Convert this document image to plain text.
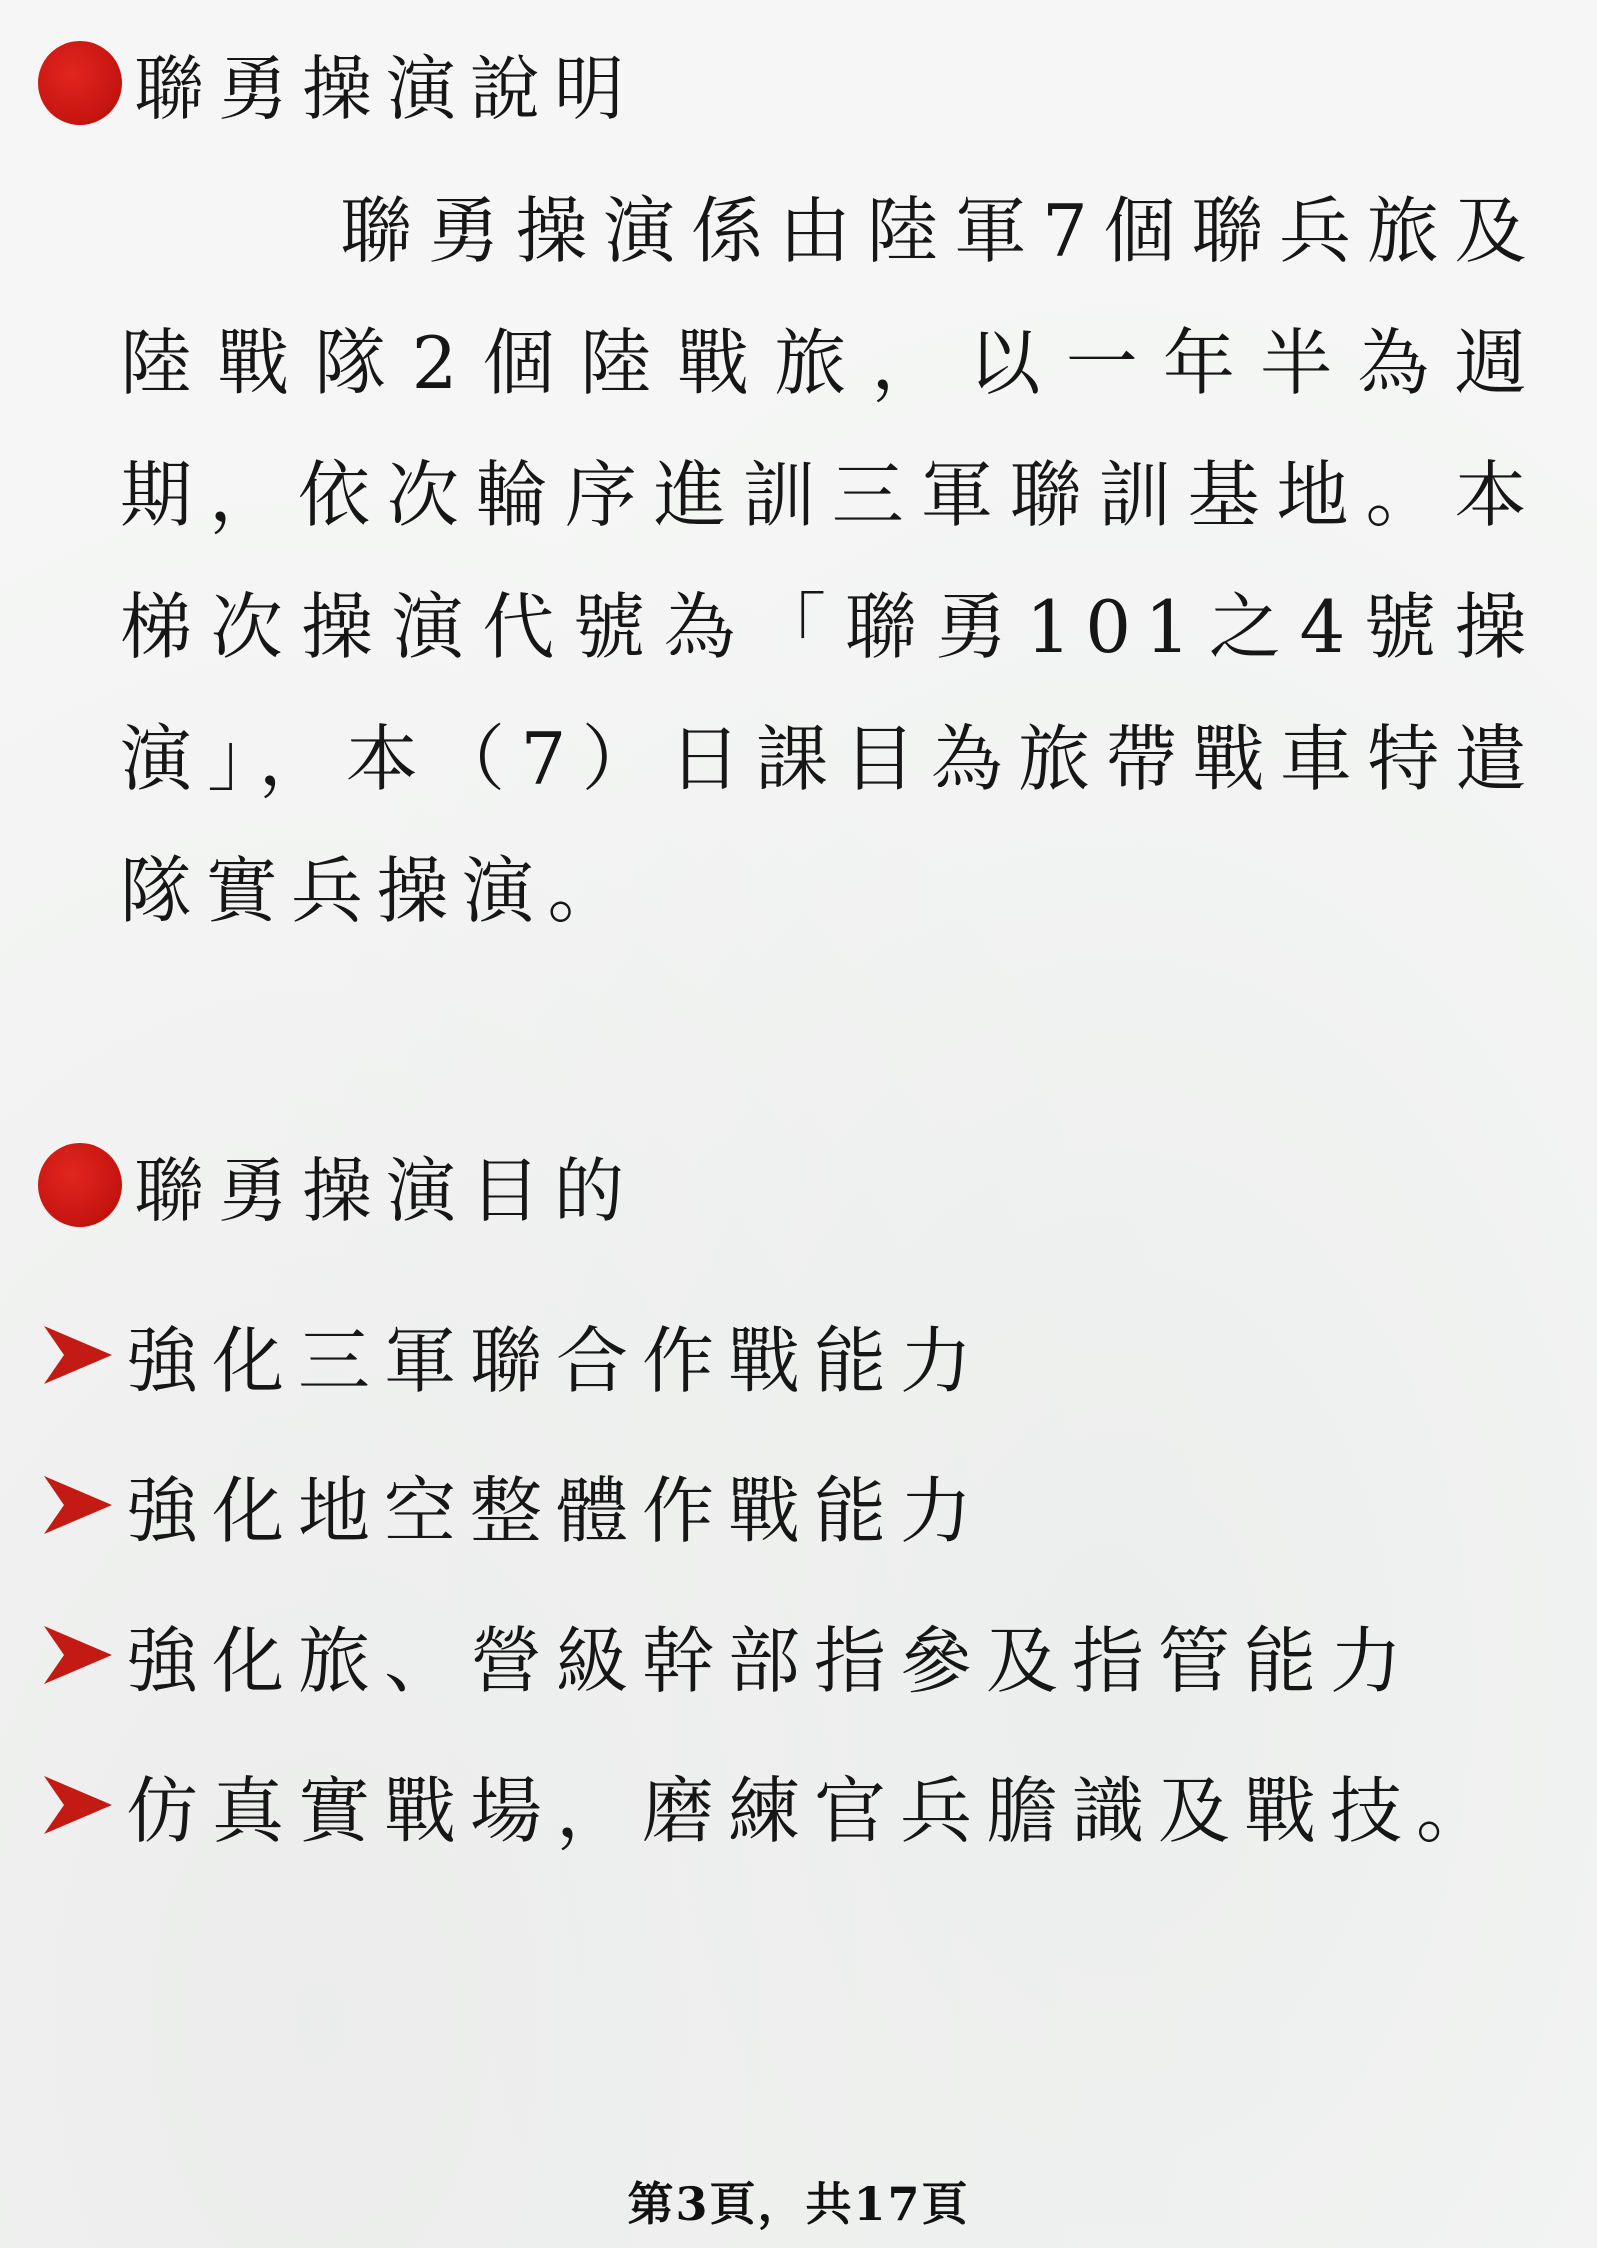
聯勇操演說明

聯勇操演係由陸軍7個聯兵旅及陸戰隊2個陸戰旅，以一年半為週期，依次輪序進訓三軍聯訓基地。本梯次操演代號為「聯勇101之4號操演」，本（7）日課目為旅帶戰車特遣隊實兵操演。

聯勇操演目的
強化三軍聯合作戰能力
強化地空整體作戰能力
強化旅、營級幹部指參及指管能力
仿真實戰場，磨練官兵膽識及戰技。
第3頁，共17頁
